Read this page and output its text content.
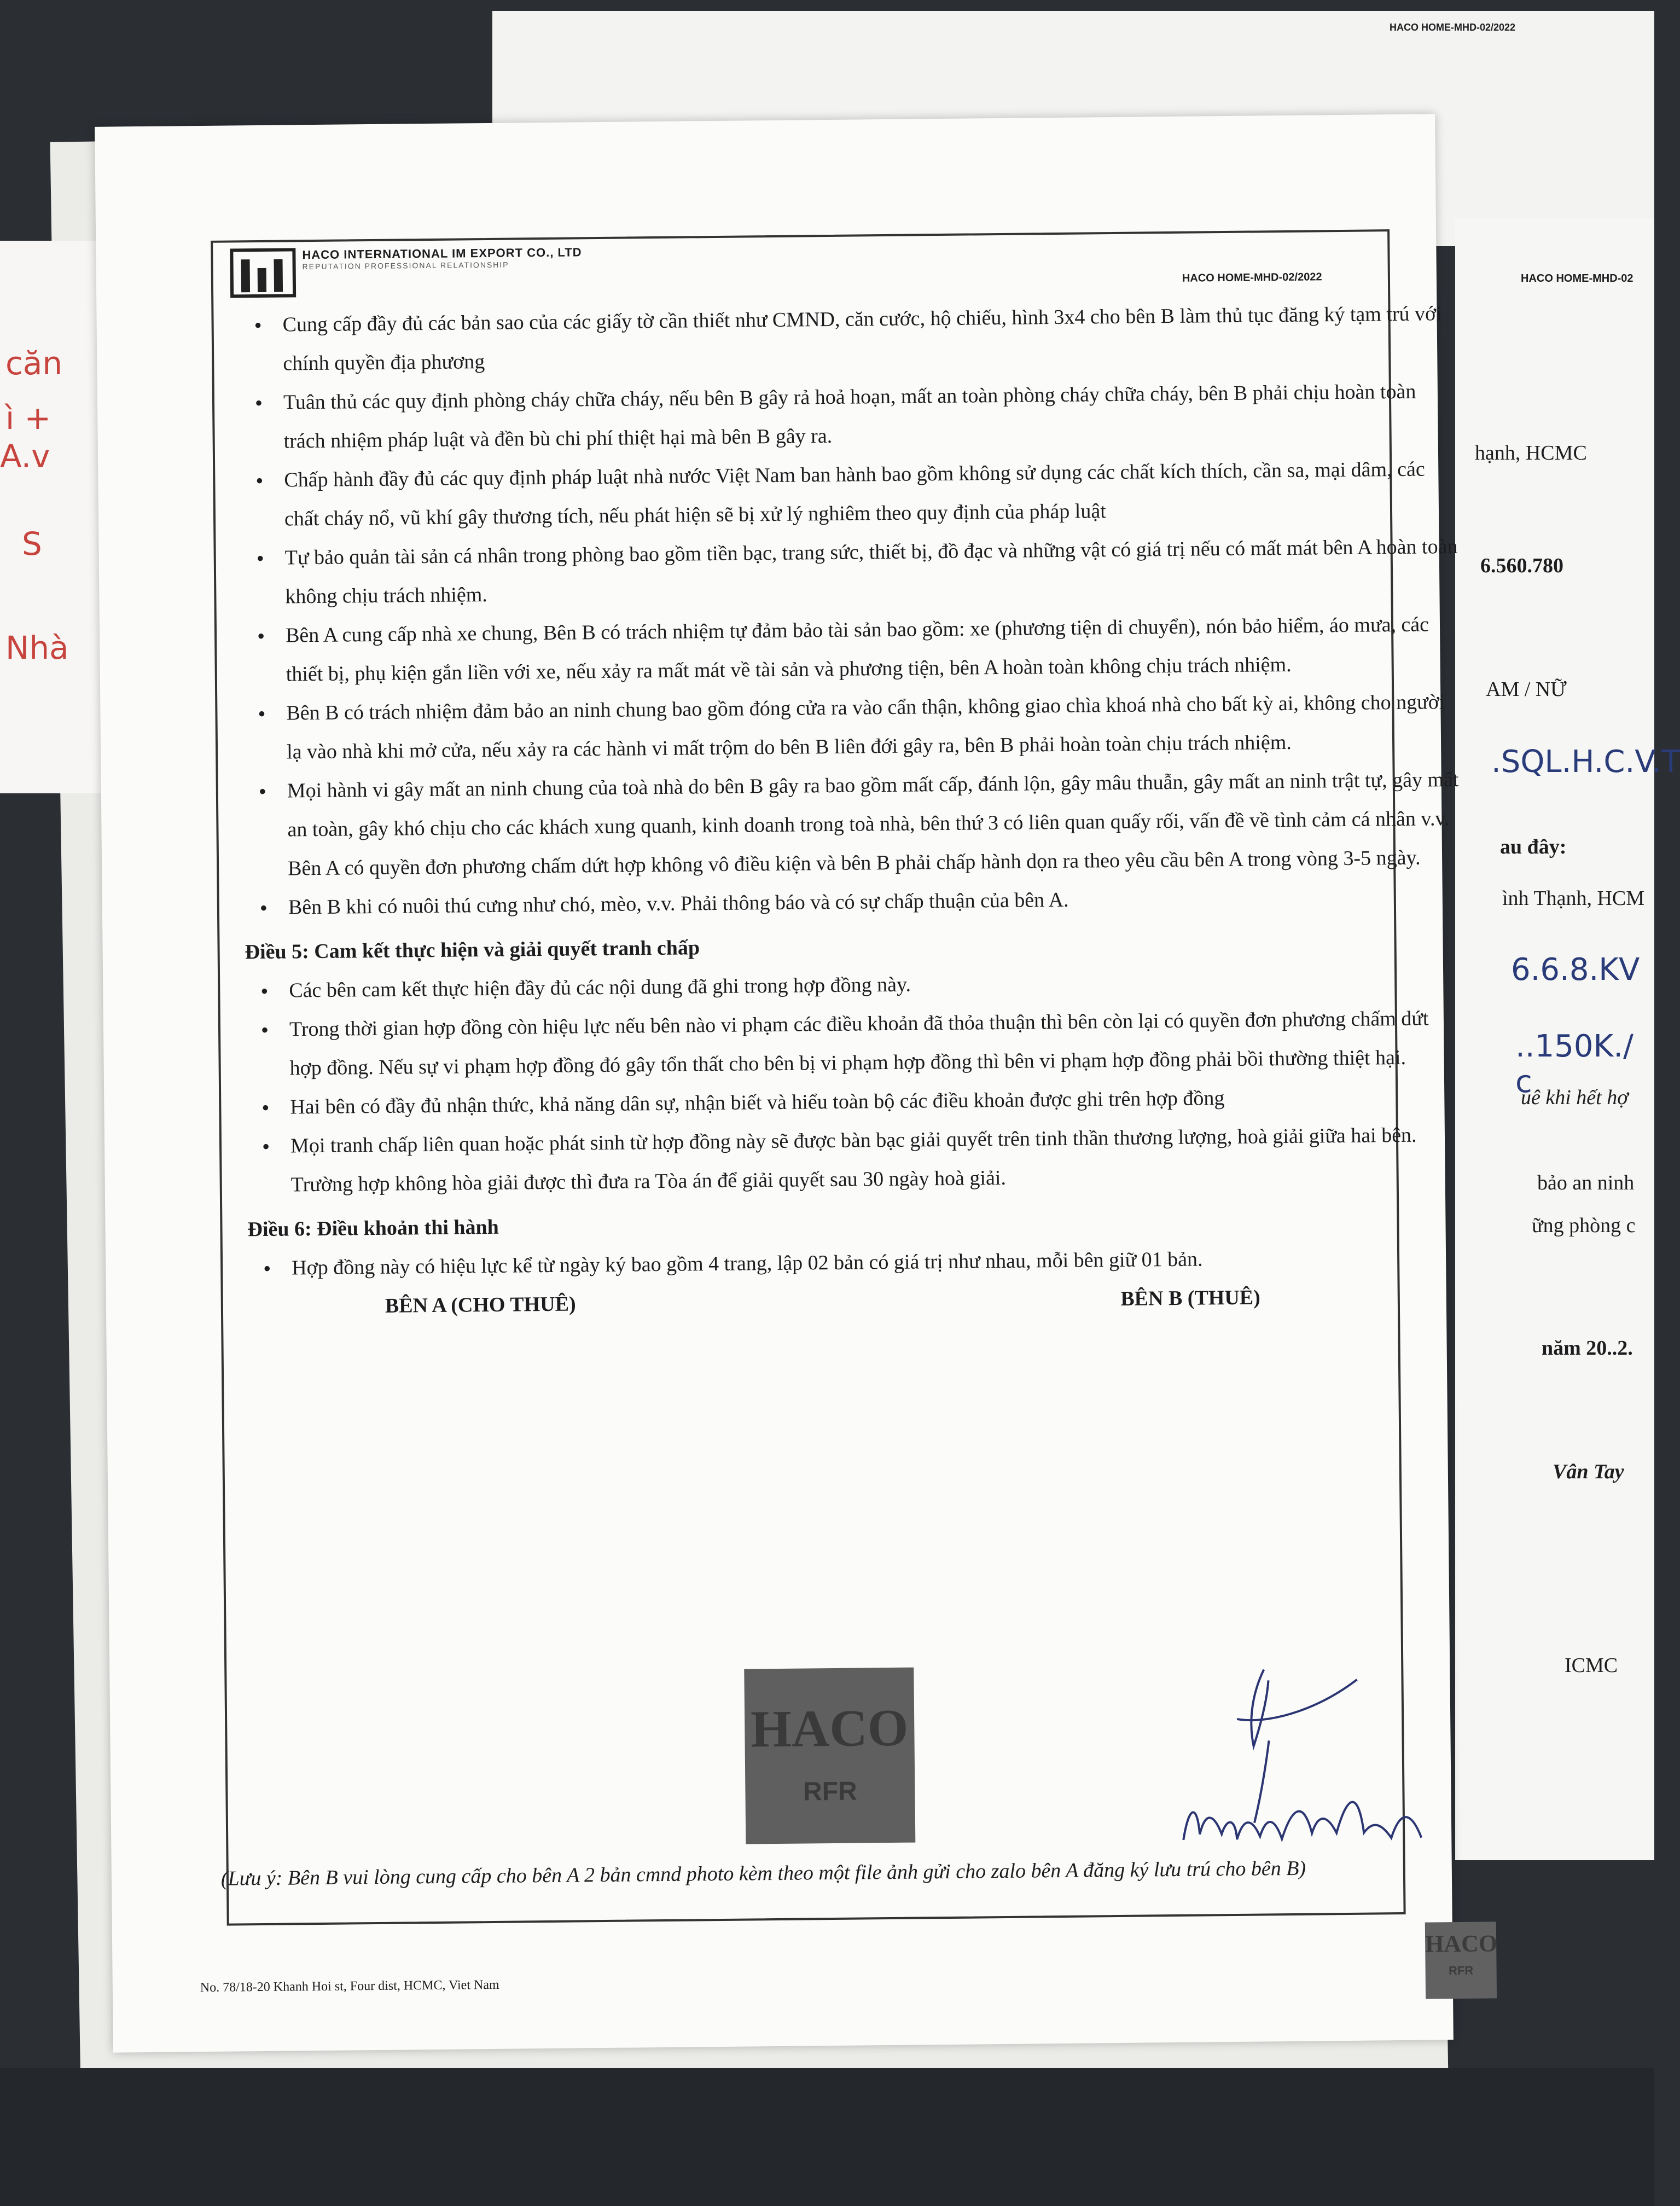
HACO HOME-MHD-02/2022
căn
ì +
A.v
S
Nhà
HACO HOME-MHD-02
hạnh, HCMC
6.560.780
AM / NỮ
.SQL.H.C.V.T
au đây:
ình Thạnh, HCM
6.6.8.KV
..150K./ c
uê khi hết hợ
bảo an ninh
ững phòng c
năm 20..2.
Vân Tay
ICMC
HACO INTERNATIONAL IM EXPORT CO., LTD
REPUTATION PROFESSIONAL RELATIONSHIP
HACO HOME-MHD-02/2022
• Cung cấp đầy đủ các bản sao của các giấy tờ cần thiết như CMND, căn cước, hộ chiếu, hình 3x4 cho bên B làm thủ tục đăng ký tạm trú với chính quyền địa phương
• Tuân thủ các quy định phòng cháy chữa cháy, nếu bên B gây rả hoả hoạn, mất an toàn phòng cháy chữa cháy, bên B phải chịu hoàn toàn trách nhiệm pháp luật và đền bù chi phí thiệt hại mà bên B gây ra.
• Chấp hành đầy đủ các quy định pháp luật nhà nước Việt Nam ban hành bao gồm không sử dụng các chất kích thích, cần sa, mại dâm, các chất cháy nổ, vũ khí gây thương tích, nếu phát hiện sẽ bị xử lý nghiêm theo quy định của pháp luật
• Tự bảo quản tài sản cá nhân trong phòng bao gồm tiền bạc, trang sức, thiết bị, đồ đạc và những vật có giá trị nếu có mất mát bên A hoàn toàn không chịu trách nhiệm.
• Bên A cung cấp nhà xe chung, Bên B có trách nhiệm tự đảm bảo tài sản bao gồm: xe (phương tiện di chuyển), nón bảo hiểm, áo mưa, các thiết bị, phụ kiện gắn liền với xe, nếu xảy ra mất mát về tài sản và phương tiện, bên A hoàn toàn không chịu trách nhiệm.
• Bên B có trách nhiệm đảm bảo an ninh chung bao gồm đóng cửa ra vào cẩn thận, không giao chìa khoá nhà cho bất kỳ ai, không cho người lạ vào nhà khi mở cửa, nếu xảy ra các hành vi mất trộm do bên B liên đới gây ra, bên B phải hoàn toàn chịu trách nhiệm.
• Mọi hành vi gây mất an ninh chung của toà nhà do bên B gây ra bao gồm mất cấp, đánh lộn, gây mâu thuẫn, gây mất an ninh trật tự, gây mất an toàn, gây khó chịu cho các khách xung quanh, kinh doanh trong toà nhà, bên thứ 3 có liên quan quấy rối, vấn đề về tình cảm cá nhân v.v. Bên A có quyền đơn phương chấm dứt hợp không vô điều kiện và bên B phải chấp hành dọn ra theo yêu cầu bên A trong vòng 3-5 ngày.
• Bên B khi có nuôi thú cưng như chó, mèo, v.v. Phải thông báo và có sự chấp thuận của bên A.
Điều 5: Cam kết thực hiện và giải quyết tranh chấp
• Các bên cam kết thực hiện đầy đủ các nội dung đã ghi trong hợp đồng này.
• Trong thời gian hợp đồng còn hiệu lực nếu bên nào vi phạm các điều khoản đã thỏa thuận thì bên còn lại có quyền đơn phương chấm dứt hợp đồng. Nếu sự vi phạm hợp đồng đó gây tổn thất cho bên bị vi phạm hợp đồng thì bên vi phạm hợp đồng phải bồi thường thiệt hại.
• Hai bên có đầy đủ nhận thức, khả năng dân sự, nhận biết và hiểu toàn bộ các điều khoản được ghi trên hợp đồng
• Mọi tranh chấp liên quan hoặc phát sinh từ hợp đồng này sẽ được bàn bạc giải quyết trên tinh thần thương lượng, hoà giải giữa hai bên. Trường hợp không hòa giải được thì đưa ra Tòa án để giải quyết sau 30 ngày hoà giải.
Điều 6: Điều khoản thi hành
• Hợp đồng này có hiệu lực kể từ ngày ký bao gồm 4 trang, lập 02 bản có giá trị như nhau, mỗi bên giữ 01 bản.
BÊN A (CHO THUÊ)	BÊN B (THUÊ)
HACO
RFR
(Lưu ý: Bên B vui lòng cung cấp cho bên A 2 bản cmnd photo kèm theo một file ảnh gửi cho zalo bên A đăng ký lưu trú cho bên B)
HACO
RFR
No. 78/18-20 Khanh Hoi st, Four dist, HCMC, Viet Nam
